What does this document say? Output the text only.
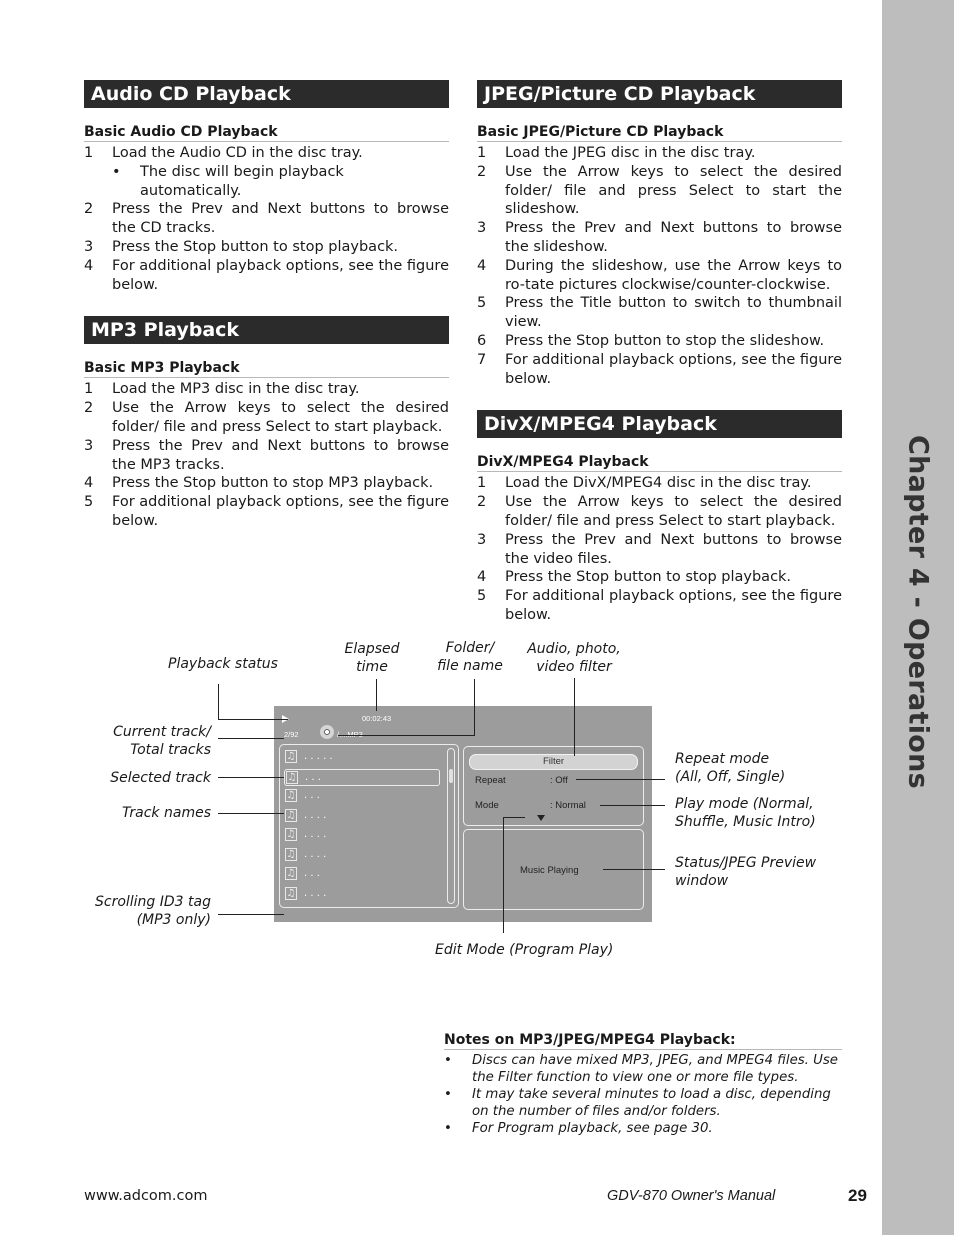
Chapter 4 - Operations
Audio CD Playback
Basic Audio CD Playback
1	Load the Audio CD in the disc tray.
•	The disc will begin playback automatically.
2	Press the Prev and Next buttons to browse the CD tracks.
3	Press the Stop button to stop playback.
4	For additional playback options, see the figure below.
MP3 Playback
Basic MP3 Playback
1	Load the MP3 disc in the disc tray.
2	Use the Arrow keys to select the desired folder/ file and press Select to start playback.
3	Press the Prev and Next buttons to browse the MP3 tracks.
4	Press the Stop button to stop MP3 playback.
5	For additional playback options, see the figure below.
JPEG/Picture CD Playback
Basic JPEG/Picture CD Playback
1	Load the JPEG disc in the disc tray.
2	Use the Arrow keys to select the desired folder/ file and press Select to start the slideshow.
3	Press the Prev and Next buttons to browse the slideshow.
4	During the slideshow, use the Arrow keys to ro-tate pictures clockwise/counter-clockwise.
5	Press the Title button to switch to thumbnail view.
6	Press the Stop button to stop the slideshow.
7	For additional playback options, see the figure below.
DivX/MPEG4 Playback
DivX/MPEG4 Playback
1	Load the DivX/MPEG4 disc in the disc tray.
2	Use the Arrow keys to select the desired folder/ file and press Select to start playback.
3	Press the Prev and Next buttons to browse the video files.
4	Press the Stop button to stop playback.
5	For additional playback options, see the figure below.
Playback status
Elapsed
time
Folder/
file name
Audio, photo,
video filter
Current track/
Total tracks
Selected track
Track names
Scrolling ID3 tag
(MP3 only)
Repeat mode
(All, Off, Single)
Play mode (Normal,
Shuffle, Music Intro)
Status/JPEG Preview
window
Edit Mode (Program Play)
00:02:43
2/92
♫ . . . . .
♫ . . .
♫ . . .
♫ . . . .
♫ . . . .
♫ . . . .
♫ . . .
♫ . . . .
Filter
Repeat	: Off
Mode	: Normal
Music Playing
Notes on MP3/JPEG/MPEG4 Playback:
•	Discs can have mixed MP3, JPEG, and MPEG4 files. Use the Filter function to view one or more file types.
•	It may take several minutes to load a disc, depending on the number of files and/or folders.
•	For Program playback, see page 30.
www.adcom.com	GDV-870 Owner's Manual	29
